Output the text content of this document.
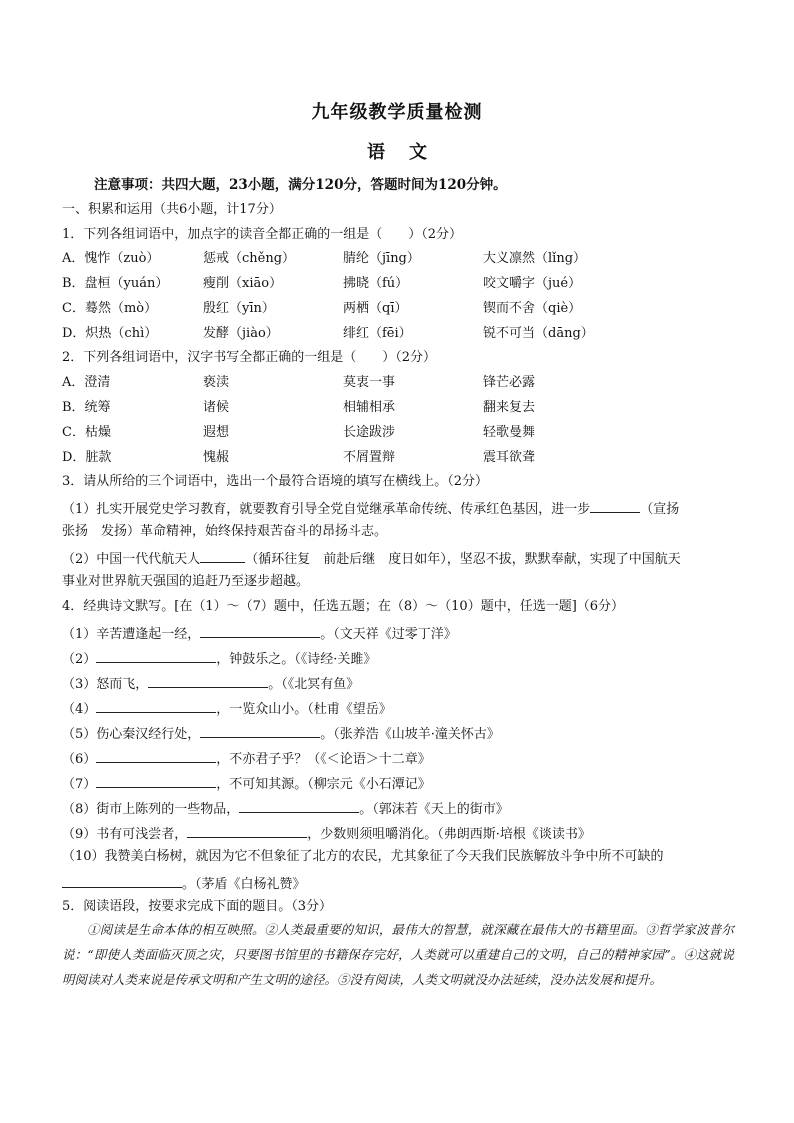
九年级教学质量检测
语文
注意事项：共四大题，23小题，满分120分，答题时间为120分钟。
一、积累和运用（共6小题，计17分）
1．下列各组词语中，加点字的读音全都正确的一组是（　　）（2分）
A．愧怍（zuò）	惩戒（chěng）	腈纶（jīng）	大义凛然（lǐng）
B．盘桓（yuán）	瘦削（xiāo）	拂晓（fú）	咬文嚼字（jué）
C．蓦然（mò）	殷红（yīn）	两栖（qī）	锲而不舍（qiè）
D．炽热（chì）	发酵（jiào）	绯红（fēi）	锐不可当（dāng）
2．下列各组词语中，汉字书写全都正确的一组是（　　）（2分）
A．澄清	亵渎	莫衷一事	锋芒必露
B．统筹	诸候	相辅相承	翻来复去
C．枯燥	遐想	长途跋涉	轻歌曼舞
D．脏款	愧赧	不屑置辩	震耳欲聋
3．请从所给的三个词语中，选出一个最符合语境的填写在横线上。（2分）
（1）扎实开展党史学习教育，就要教育引导全党自觉继承革命传统、传承红色基因，进一步	（宣扬
张扬　发扬）革命精神，始终保持艰苦奋斗的昂扬斗志。
（2）中国一代代航天人	（循环往复　前赴后继　度日如年），坚忍不拔，默默奉献，实现了中国航天
事业对世界航天强国的追赶乃至逐步超越。
4．经典诗文默写。[在（1）～（7）题中，任选五题；在（8）～（10）题中，任选一题]（6分）
（1）辛苦遭逢起一经，	。（文天祥《过零丁洋》
（2）	，钟鼓乐之。（《诗经·关雎》
（3）怒而飞，	。（《北冥有鱼》
（4）	，一览众山小。（杜甫《望岳》
（5）伤心秦汉经行处，	。（张养浩《山坡羊·潼关怀古》
（6）	，不亦君子乎？（《＜论语＞十二章》
（7）	，不可知其源。（柳宗元《小石潭记》
（8）街市上陈列的一些物品，	。（郭沫若《天上的街市》
（9）书有可浅尝者，	，少数则须咀嚼消化。（弗朗西斯·培根《谈读书》
（10）我赞美白杨树，就因为它不但象征了北方的农民，尤其象征了今天我们民族解放斗争中所不可缺的
。（茅盾《白杨礼赞》
5．阅读语段，按要求完成下面的题目。（3分）
①阅读是生命本体的相互映照。②人类最重要的知识，最伟大的智慧，就深藏在最伟大的书籍里面。③哲学家波普尔说：“即使人类面临灭顶之灾，只要图书馆里的书籍保存完好，人类就可以重建自己的文明，自己的精神家园”。④这就说明阅读对人类来说是传承文明和产生文明的途径。⑤没有阅读，人类文明就没办法延续，没办法发展和提升。
